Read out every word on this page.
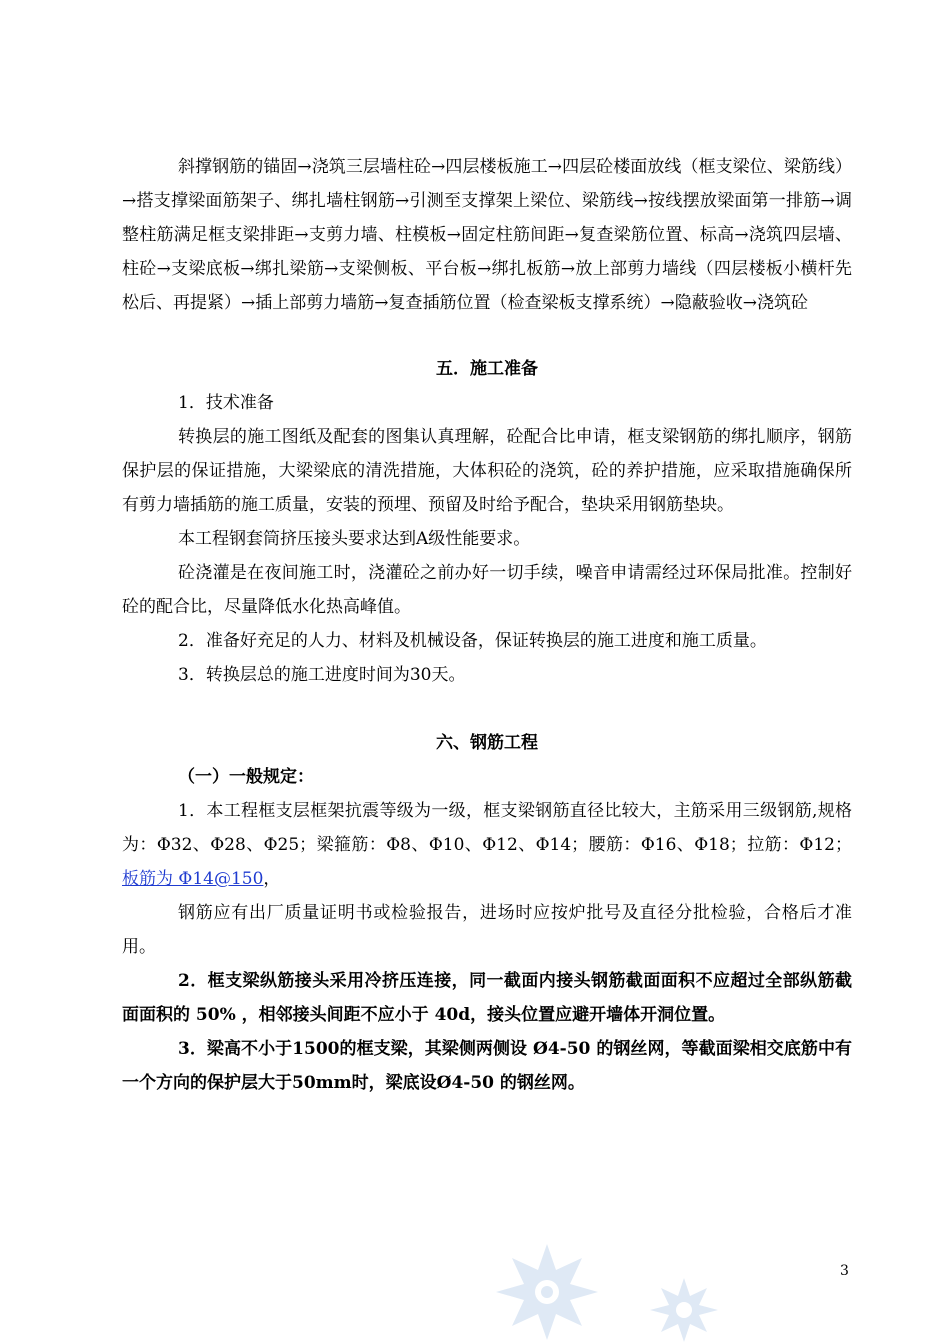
斜撑钢筋的锚固→浇筑三层墙柱砼→四层楼板施工→四层砼楼面放线（框支梁位、梁筋线）→搭支撑梁面筋架子、绑扎墙柱钢筋→引测至支撑架上梁位、梁筋线→按线摆放梁面第一排筋→调整柱筋满足框支梁排距→支剪力墙、柱模板→固定柱筋间距→复查梁筋位置、标高→浇筑四层墙、柱砼→支梁底板→绑扎梁筋→支梁侧板、平台板→绑扎板筋→放上部剪力墙线（四层楼板小横杆先松后、再提紧）→插上部剪力墙筋→复查插筋位置（检查梁板支撑系统）→隐蔽验收→浇筑砼

五．施工准备

1．技术准备

转换层的施工图纸及配套的图集认真理解，砼配合比申请，框支梁钢筋的绑扎顺序，钢筋保护层的保证措施，大梁梁底的清洗措施，大体积砼的浇筑，砼的养护措施，应采取措施确保所有剪力墙插筋的施工质量，安装的预埋、预留及时给予配合，垫块采用钢筋垫块。

本工程钢套筒挤压接头要求达到A级性能要求。

砼浇灌是在夜间施工时，浇灌砼之前办好一切手续，噪音申请需经过环保局批准。控制好砼的配合比，尽量降低水化热高峰值。

2．准备好充足的人力、材料及机械设备，保证转换层的施工进度和施工质量。

3．转换层总的施工进度时间为30天。

六、钢筋工程

（一）一般规定：

1．本工程框支层框架抗震等级为一级，框支梁钢筋直径比较大，主筋采用三级钢筋,规格为：Φ32、Φ28、Φ25；梁箍筋：Φ8、Φ10、Φ12、Φ14；腰筋：Φ16、Φ18；拉筋：Φ12；板筋为 Φ14@150，

钢筋应有出厂质量证明书或检验报告，进场时应按炉批号及直径分批检验，合格后才准用。

2．框支梁纵筋接头采用冷挤压连接，同一截面内接头钢筋截面面积不应超过全部纵筋截面面积的 50% ，相邻接头间距不应小于 40d，接头位置应避开墙体开洞位置。

3．梁高不小于1500的框支梁，其梁侧两侧设 Ø4-50 的钢丝网，等截面梁相交底筋中有一个方向的保护层大于50mm时，梁底设Ø4-50 的钢丝网。

3
